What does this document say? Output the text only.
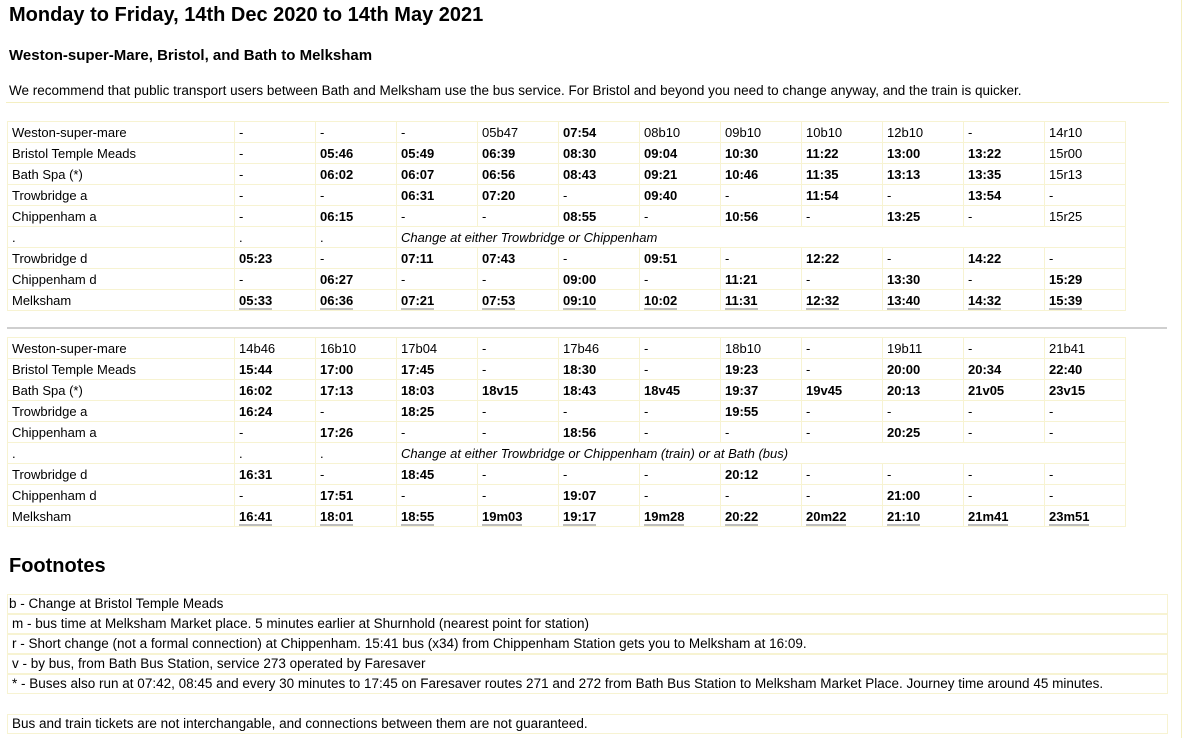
Monday to Friday, 14th Dec 2020 to 14th May 2021
Weston-super-Mare, Bristol, and Bath to Melksham

We recommend that public transport users between Bath and Melksham use the bus service. For Bristol and beyond you need to change anyway, and the train is quicker.

Weston-super-mare	-	-	-	05b47	07:54	08b10	09b10	10b10	12b10	-	14r10
Bristol Temple Meads	-	05:46	05:49	06:39	08:30	09:04	10:30	11:22	13:00	13:22	15r00
Bath Spa (*)	-	06:02	06:07	06:56	08:43	09:21	10:46	11:35	13:13	13:35	15r13
Trowbridge a	-	-	06:31	07:20	-	09:40	-	11:54	-	13:54	-
Chippenham a	-	06:15	-	-	08:55	-	10:56	-	13:25	-	15r25
.	.	.	Change at either Trowbridge or Chippenham								
Trowbridge d	05:23	-	07:11	07:43	-	09:51	-	12:22	-	14:22	-
Chippenham d	-	06:27	-	-	09:00	-	11:21	-	13:30	-	15:29
Melksham	05:33	06:36	07:21	07:53	09:10	10:02	11:31	12:32	13:40	14:32	15:39
Weston-super-mare	14b46	16b10	17b04	-	17b46	-	18b10	-	19b11	-	21b41
Bristol Temple Meads	15:44	17:00	17:45	-	18:30	-	19:23	-	20:00	20:34	22:40
Bath Spa (*)	16:02	17:13	18:03	18v15	18:43	18v45	19:37	19v45	20:13	21v05	23v15
Trowbridge a	16:24	-	18:25	-	-	-	19:55	-	-	-	-
Chippenham a	-	17:26	-	-	18:56	-	-	-	20:25	-	-
.	.	.	Change at either Trowbridge or Chippenham (train) or at Bath (bus)								
Trowbridge d	16:31	-	18:45	-	-	-	20:12	-	-	-	-
Chippenham d	-	17:51	-	-	19:07	-	-	-	21:00	-	-
Melksham	16:41	18:01	18:55	19m03	19:17	19m28	20:22	20m22	21:10	21m41	23m51
Footnotes

b - Change at Bristol Temple Meads

m - bus time at Melksham Market place. 5 minutes earlier at Shurnhold (nearest point for station)

r - Short change (not a formal connection) at Chippenham. 15:41 bus (x34) from Chippenham Station gets you to Melksham at 16:09.

v - by bus, from Bath Bus Station, service 273 operated by Faresaver

* - Buses also run at 07:42, 08:45 and every 30 minutes to 17:45 on Faresaver routes 271 and 272 from Bath Bus Station to Melksham Market Place. Journey time around 45 minutes.

Bus and train tickets are not interchangable, and connections between them are not guaranteed.
